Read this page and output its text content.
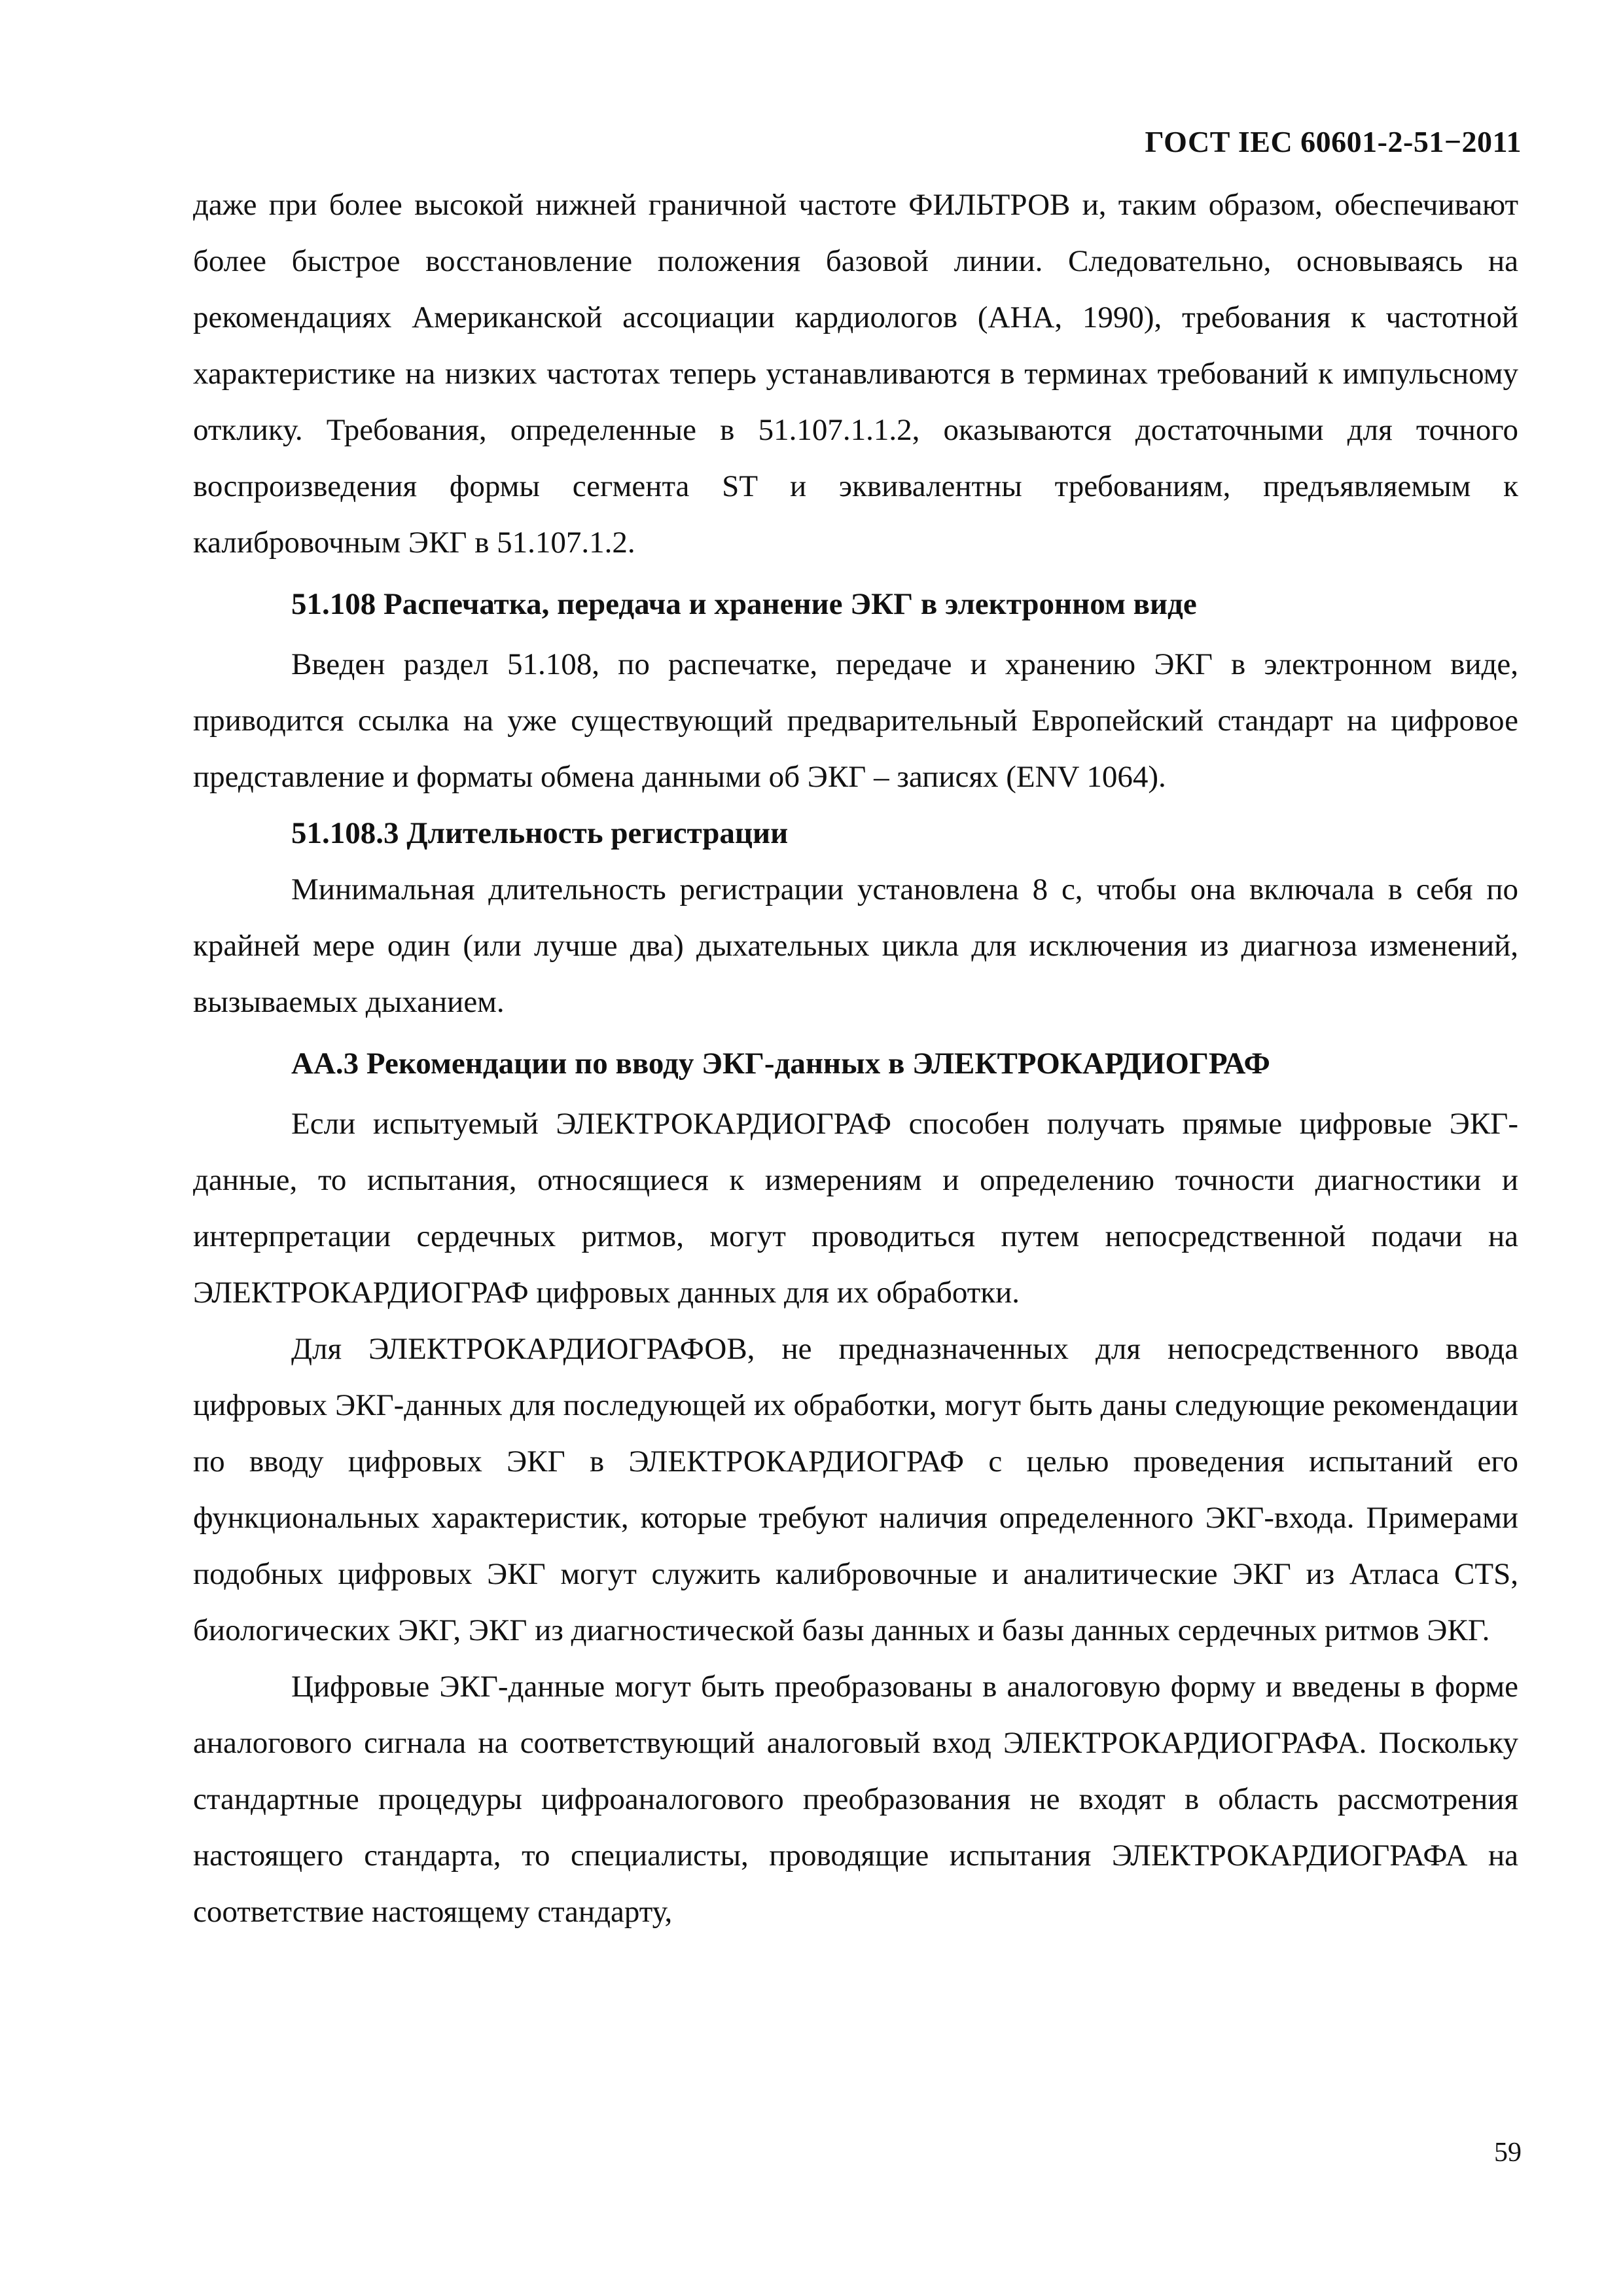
ГОСТ IEC 60601-2-51−2011

даже при более высокой нижней граничной частоте ФИЛЬТРОВ и, таким образом, обеспечивают более быстрое восстановление положения базовой линии. Следовательно, основываясь на рекомендациях Американской ассоциации кардиологов (АНА, 1990), требования к частотной характеристике на низких частотах теперь устанавливаются в терминах требований к импульсному отклику. Требования, определенные в 51.107.1.1.2, оказываются достаточными для точного воспроизведения формы сегмента ST и эквивалентны требованиям, предъявляемым к калибровочным ЭКГ в 51.107.1.2.

51.108 Распечатка, передача и хранение ЭКГ в электронном виде

Введен раздел 51.108, по распечатке, передаче и хранению ЭКГ в электронном виде, приводится ссылка на уже существующий предварительный Европейский стандарт на цифровое представление и форматы обмена данными об ЭКГ – записях (ENV 1064).

51.108.3 Длительность регистрации

Минимальная длительность регистрации установлена 8 с, чтобы она включала в себя по крайней мере один (или лучше два) дыхательных цикла для исключения из диагноза изменений, вызываемых дыханием.

АА.3 Рекомендации по вводу ЭКГ-данных в ЭЛЕКТРОКАРДИОГРАФ

Если испытуемый ЭЛЕКТРОКАРДИОГРАФ способен получать прямые цифровые ЭКГ-данные, то испытания, относящиеся к измерениям и определению точности диагностики и интерпретации сердечных ритмов, могут проводиться путем непосредственной подачи на ЭЛЕКТРОКАРДИОГРАФ цифровых данных для их обработки.

Для ЭЛЕКТРОКАРДИОГРАФОВ, не предназначенных для непосредственного ввода цифровых ЭКГ-данных для последующей их обработки, могут быть даны следующие рекомендации по вводу цифровых ЭКГ в ЭЛЕКТРОКАРДИОГРАФ с целью проведения испытаний его функциональных характеристик, которые требуют наличия определенного ЭКГ-входа. Примерами подобных цифровых ЭКГ могут служить калибровочные и аналитические ЭКГ из Атласа CTS, биологических ЭКГ, ЭКГ из диагностической базы данных и базы данных сердечных ритмов ЭКГ.

Цифровые ЭКГ-данные могут быть преобразованы в аналоговую форму и введены в форме аналогового сигнала на соответствующий аналоговый вход ЭЛЕКТРОКАРДИОГРАФА. Поскольку стандартные процедуры цифроаналогового преобразования не входят в область рассмотрения настоящего стандарта, то специалисты, проводящие испытания ЭЛЕКТРОКАРДИОГРАФА на соответствие настоящему стандарту,

59
